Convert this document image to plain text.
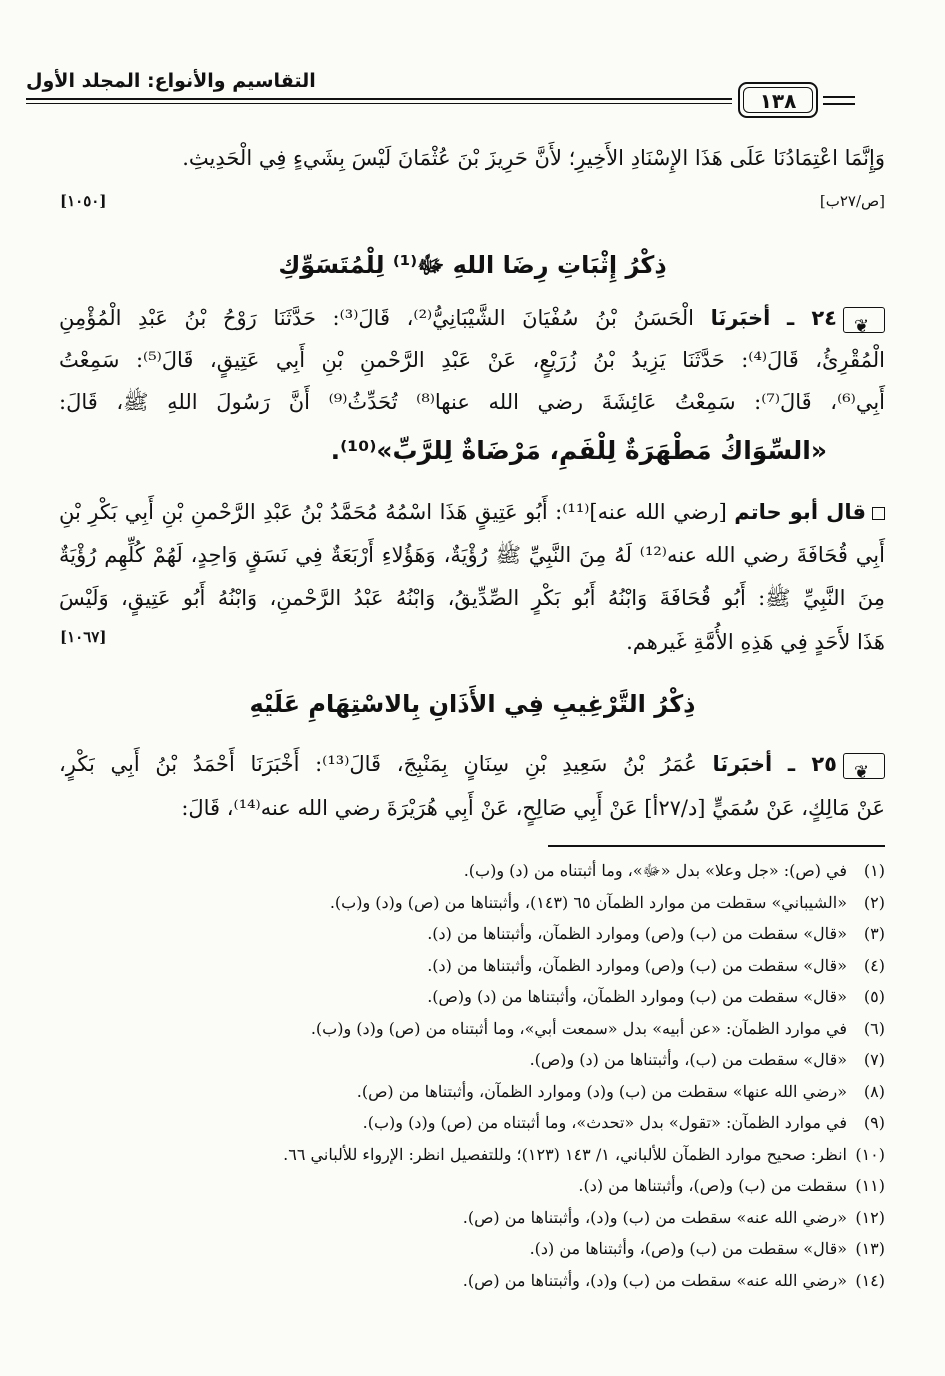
التقاسيم والأنواع: المجلد الأول
١٣٨
وَإِنَّمَا اعْتِمَادُنَا عَلَى هَذَا الإِسْنَادِ الأَخِيرِ؛ لأَنَّ حَرِيزَ بْنَ عُثْمَانَ لَيْسَ بِشَيءٍ فِي الْحَدِيثِ.
[ص/٢٧ب]
[١٠٥٠]
ذِكْرُ إِثْبَاتِ رِضَا اللهِ ﷻ⁽¹⁾ لِلْمُتَسَوِّكِ
❦٢٤ ـ أخبَرنَا الْحَسَنُ بْنُ سُفْيَانَ الشَّيْبَانِيُّ⁽²⁾، قَالَ⁽³⁾: حَدَّثَنَا رَوْحُ بْنُ عَبْدِ الْمُؤْمِنِ
الْمُقْرِئُ، قَالَ⁽⁴⁾: حَدَّثَنَا يَزِيدُ بْنُ زُرَيْعٍ، عَنْ عَبْدِ الرَّحْمنِ بْنِ أَبِي عَتِيقٍ، قَالَ⁽⁵⁾: سَمِعْتُ
أَبِي⁽⁶⁾، قَالَ⁽⁷⁾: سَمِعْتُ عَائِشَةَ رضي الله عنها⁽⁸⁾ تُحَدِّثُ⁽⁹⁾ أَنَّ رَسُولَ اللهِ ﷺ، قَالَ:
«السِّوَاكُ مَطْهَرَةٌ لِلْفَمِ، مَرْضَاةٌ لِلرَّبِّ»⁽¹⁰⁾.
قال أبو حاتم [رضي الله عنه]⁽¹¹⁾: أَبُو عَتِيقٍ هَذَا اسْمُهُ مُحَمَّدُ بْنُ عَبْدِ الرَّحْمنِ بْنِ أَبِي بَكْرِ بْنِ
أَبِي قُحَافَةَ رضي الله عنه⁽¹²⁾ لَهُ مِنَ النَّبِيِّ ﷺ رُؤْيَةٌ، وَهَؤُلاءِ أَرْبَعَةٌ فِي نَسَقٍ وَاحِدٍ، لَهُمْ كُلِّهِم رُؤْيَةٌ
مِنَ النَّبِيِّ ﷺ: أَبُو قُحَافَةَ وَابْنُهُ أَبُو بَكْرٍ الصِّدِّيقُ، وَابْنُهُ عَبْدُ الرَّحْمنِ، وَابْنُهُ أَبُو عَتِيقٍ، وَلَيْسَ
هَذَا لأَحَدٍ فِي هَذِهِ الأُمَّةِ غَيرهم.
[١٠٦٧]
ذِكْرُ التَّرْغِيبِ فِي الأَذَانِ بِالاسْتِهَامِ عَلَيْهِ
❦٢٥ ـ أخبَرنَا عُمَرُ بْنُ سَعِيدِ بْنِ سِنَانٍ بِمَنْبِجَ، قَالَ⁽¹³⁾: أَخْبَرَنَا أَحْمَدُ بْنُ أَبِي بَكْرٍ،
عَنْ مَالِكٍ، عَنْ سُمَيٍّ [د/٢٧أ] عَنْ أَبِي صَالِحٍ، عَنْ أَبِي هُرَيْرَةَ رضي الله عنه⁽¹⁴⁾، قَالَ:
(١)في (ص): «جل وعلا» بدل «ﷻ»، وما أثبتناه من (د) و(ب).
(٢)«الشيباني» سقطت من موارد الظمآن ٦٥ (١٤٣)، وأثبتناها من (ص) و(د) و(ب).
(٣)«قال» سقطت من (ب) و(ص) وموارد الظمآن، وأثبتناها من (د).
(٤)«قال» سقطت من (ب) و(ص) وموارد الظمآن، وأثبتناها من (د).
(٥)«قال» سقطت من (ب) وموارد الظمآن، وأثبتناها من (د) و(ص).
(٦)في موارد الظمآن: «عن أبيه» بدل «سمعت أبي»، وما أثبتناه من (ص) و(د) و(ب).
(٧)«قال» سقطت من (ب)، وأثبتناها من (د) و(ص).
(٨)«رضي الله عنها» سقطت من (ب) و(د) وموارد الظمآن، وأثبتناها من (ص).
(٩)في موارد الظمآن: «تقول» بدل «تحدث»، وما أثبتناه من (ص) و(د) و(ب).
(١٠)انظر: صحيح موارد الظمآن للألباني، ١/ ١٤٣ (١٢٣)؛ وللتفصيل انظر: الإرواء للألباني ٦٦.
(١١)سقطت من (ب) و(ص)، وأثبتناها من (د).
(١٢)«رضي الله عنه» سقطت من (ب) و(د)، وأثبتناها من (ص).
(١٣)«قال» سقطت من (ب) و(ص)، وأثبتناها من (د).
(١٤)«رضي الله عنه» سقطت من (ب) و(د)، وأثبتناها من (ص).
